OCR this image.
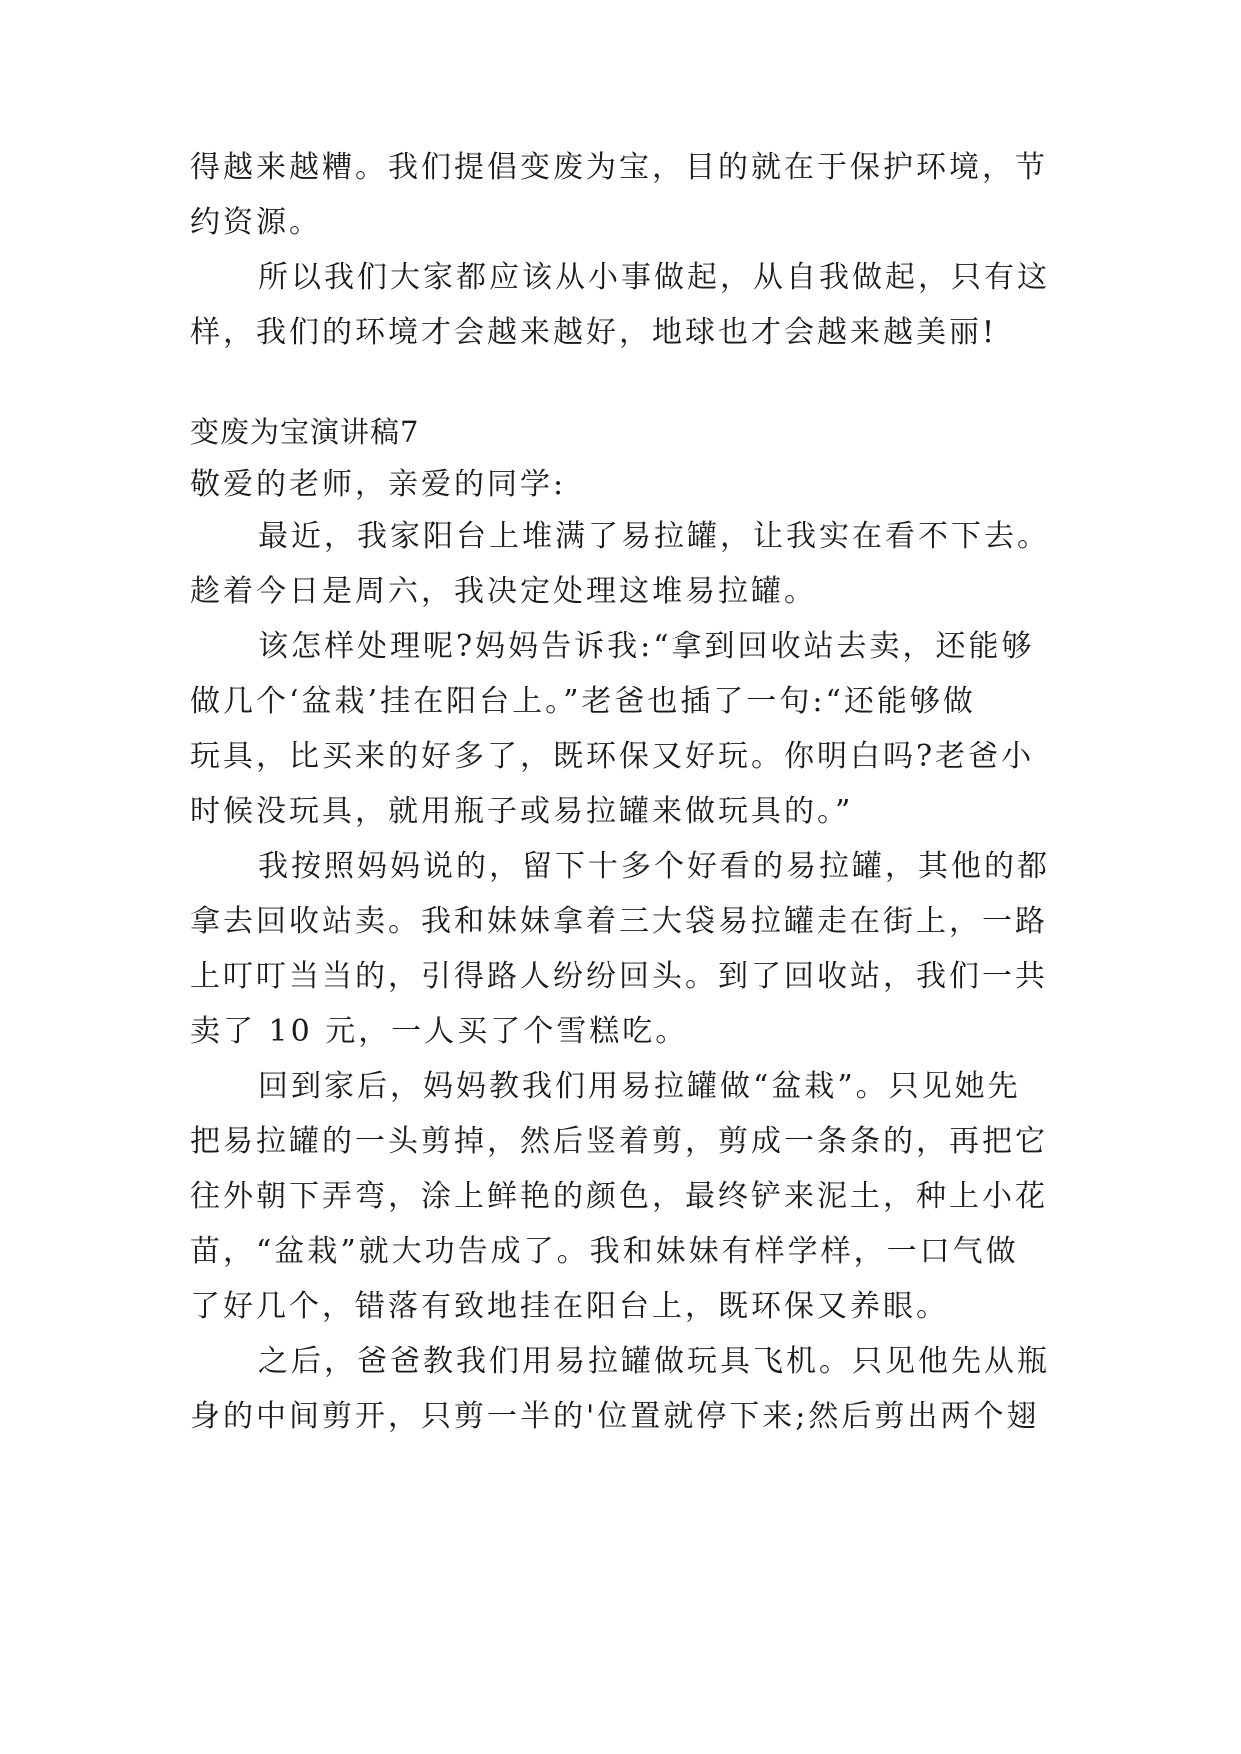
得越来越糟。我们提倡变废为宝，目的就在于保护环境，节
约资源。
所以我们大家都应该从小事做起，从自我做起，只有这
样，我们的环境才会越来越好，地球也才会越来越美丽!
变废为宝演讲稿7
敬爱的老师，亲爱的同学:
最近，我家阳台上堆满了易拉罐，让我实在看不下去。
趁着今日是周六，我决定处理这堆易拉罐。
该怎样处理呢?妈妈告诉我:“拿到回收站去卖，还能够
做几个‘盆栽’挂在阳台上。”老爸也插了一句:“还能够做
玩具，比买来的好多了，既环保又好玩。你明白吗?老爸小
时候没玩具，就用瓶子或易拉罐来做玩具的。”
我按照妈妈说的，留下十多个好看的易拉罐，其他的都
拿去回收站卖。我和妹妹拿着三大袋易拉罐走在街上，一路
上叮叮当当的，引得路人纷纷回头。到了回收站，我们一共
卖了 10 元，一人买了个雪糕吃。
回到家后，妈妈教我们用易拉罐做“盆栽”。只见她先
把易拉罐的一头剪掉，然后竖着剪，剪成一条条的，再把它
往外朝下弄弯，涂上鲜艳的颜色，最终铲来泥土，种上小花
苗，“盆栽”就大功告成了。我和妹妹有样学样，一口气做
了好几个，错落有致地挂在阳台上，既环保又养眼。
之后，爸爸教我们用易拉罐做玩具飞机。只见他先从瓶
身的中间剪开，只剪一半的'位置就停下来;然后剪出两个翅
